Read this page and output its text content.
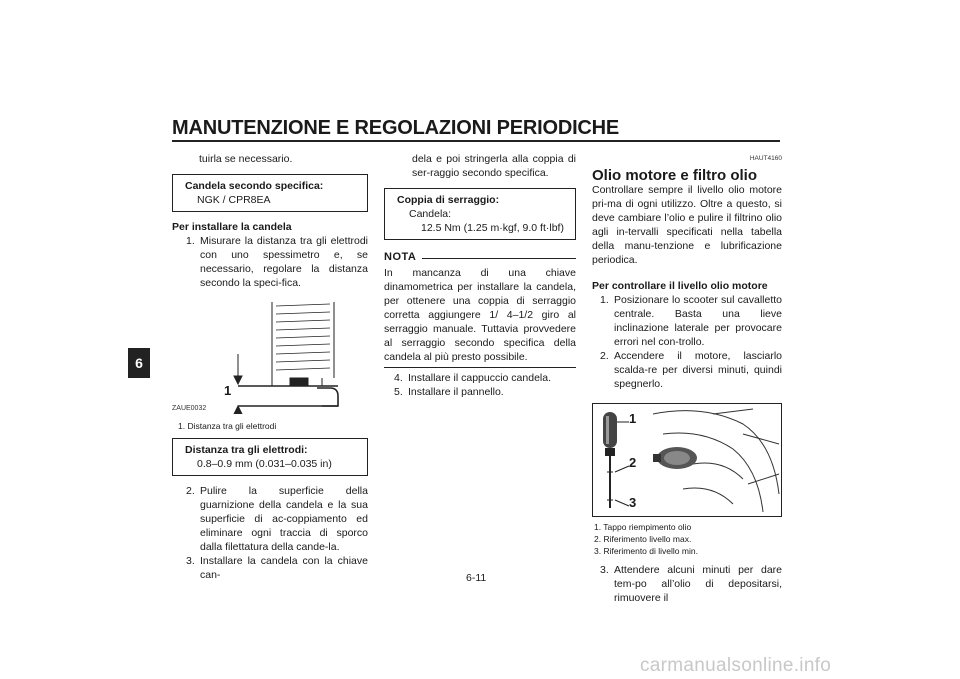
MANUTENZIONE E REGOLAZIONI PERIODICHE
6
tuirla se necessario.
Candela secondo specifica:
NGK / CPR8EA
Per installare la candela
1. Misurare la distanza tra gli elettrodi con uno spessimetro e, se necessario, regolare la distanza secondo la speci-fica.
1
ZAUE0032
1. Distanza tra gli elettrodi
Distanza tra gli elettrodi:
0.8–0.9 mm (0.031–0.035 in)
2. Pulire la superficie della guarnizione della candela e la sua superficie di ac-coppiamento ed eliminare ogni traccia di sporco dalla filettatura della cande-la.
3. Installare la candela con la chiave can-
dela e poi stringerla alla coppia di ser-raggio secondo specifica.
Coppia di serraggio:
Candela:
12.5 Nm (1.25 m·kgf, 9.0 ft·lbf)
NOTA

In mancanza di una chiave dinamometrica per installare la candela, per ottenere una coppia di serraggio corretta aggiungere 1/ 4–1/2 giro al serraggio manuale. Tuttavia provvedere al serraggio secondo specifica della candela al più presto possibile.

4. Installare il cappuccio candela.
5. Installare il pannello.
HAUT4160
Olio motore e filtro olio

Controllare sempre il livello olio motore pri-ma di ogni utilizzo. Oltre a questo, si deve cambiare l’olio e pulire il filtrino olio agli in-tervalli specificati nella tabella della manu-tenzione e lubrificazione periodica.

Per controllare il livello olio motore
1. Posizionare lo scooter sul cavalletto centrale. Basta una lieve inclinazione laterale per provocare errori nel con-trollo.
2. Accendere il motore, lasciarlo scalda-re per diversi minuti, quindi spegnerlo.
1
2
3
1. Tappo riempimento olio
2. Riferimento livello max.
3. Riferimento di livello min.
3. Attendere alcuni minuti per dare tem-po all’olio di depositarsi, rimuovere il
6-11
carmanualsonline.info
